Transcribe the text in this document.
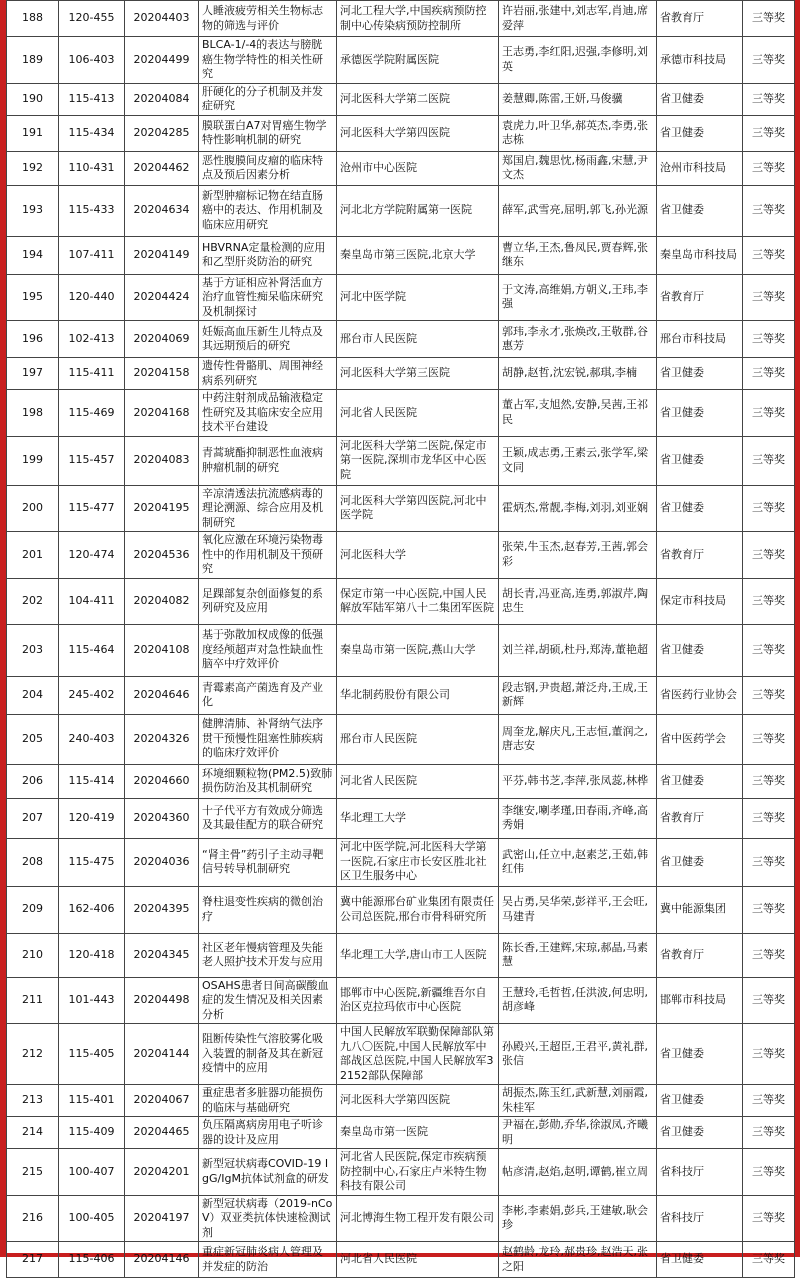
188	120-455	20204403	人睡液疲劳相关生物标志物的筛选与评价	河北工程大学,中国疾病预防控制中心传染病预防控制所	许岩丽,张建中,刘志军,肖迪,席爱萍	省教育厅	三等奖
189	106-403	20204499	BLCA-1/-4的表达与膀胱癌生物学特性的相关性研究	承德医学院附属医院	王志勇,李红阳,迟强,李修明,刘英	承德市科技局	三等奖
190	115-413	20204084	肝硬化的分子机制及并发症研究	河北医科大学第二医院	姜慧卿,陈雷,王妍,马俊骥	省卫健委	三等奖
191	115-434	20204285	膜联蛋白A7对胃癌生物学特性影响机制的研究	河北医科大学第四医院	袁虎力,叶卫华,郝英杰,李勇,张志栋	省卫健委	三等奖
192	110-431	20204462	恶性腹膜间皮瘤的临床特点及预后因素分析	沧州市中心医院	郑国启,魏思忱,杨雨鑫,宋慧,尹文杰	沧州市科技局	三等奖
193	115-433	20204634	新型肿瘤标记物在结直肠癌中的表达、作用机制及临床应用研究	河北北方学院附属第一医院	薛军,武雪亮,屈明,郭飞,孙光源	省卫健委	三等奖
194	107-411	20204149	HBVRNA定量检测的应用和乙型肝炎防治的研究	秦皇岛市第三医院,北京大学	曹立华,王杰,鲁凤民,贾春辉,张继东	秦皇岛市科技局	三等奖
195	120-440	20204424	基于方证相应补肾活血方治疗血管性痴呆临床研究及机制探讨	河北中医学院	于文涛,高维娟,方朝义,王玮,李强	省教育厅	三等奖
196	102-413	20204069	妊娠高血压新生儿特点及其远期预后的研究	邢台市人民医院	郭玮,李永才,张焕改,王敬群,谷惠芳	邢台市科技局	三等奖
197	115-411	20204158	遗传性骨骼肌、周围神经病系列研究	河北医科大学第三医院	胡静,赵哲,沈宏锐,郝琪,李楠	省卫健委	三等奖
198	115-469	20204168	中药注射剂成品输液稳定性研究及其临床安全应用技术平台建设	河北省人民医院	董占军,支旭然,安静,吴茜,王祁民	省卫健委	三等奖
199	115-457	20204083	青蒿琥酯抑制恶性血液病肿瘤机制的研究	河北医科大学第二医院,保定市第一医院,深圳市龙华区中心医院	王颖,成志勇,王素云,张学军,梁文同	省卫健委	三等奖
200	115-477	20204195	辛凉清透法抗流感病毒的理论溯源、综合应用及机制研究	河北医科大学第四医院,河北中医学院	霍炳杰,常靓,李梅,刘羽,刘亚娴	省卫健委	三等奖
201	120-474	20204536	氧化应激在环境污染物毒性中的作用机制及干预研究	河北医科大学	张荣,牛玉杰,赵春芳,王茜,郭会彩	省教育厅	三等奖
202	104-411	20204082	足踝部复杂创面修复的系列研究及应用	保定市第一中心医院,中国人民解放军陆军第八十二集团军医院	胡长青,冯亚高,连勇,郭淑芹,陶忠生	保定市科技局	三等奖
203	115-464	20204108	基于弥散加权成像的低强度经颅超声对急性缺血性脑卒中疗效评价	秦皇岛市第一医院,燕山大学	刘兰祥,胡硕,杜丹,郑涛,董艳超	省卫健委	三等奖
204	245-402	20204646	青霉素高产菌选育及产业化	华北制药股份有限公司	段志钢,尹贵超,萧泛舟,王成,王新辉	省医药行业协会	三等奖
205	240-403	20204326	健脾清肺、补肾纳气法序贯干预慢性阻塞性肺疾病的临床疗效评价	邢台市人民医院	周奎龙,解庆凡,王志恒,董润之,唐志安	省中医药学会	三等奖
206	115-414	20204660	环境细颗粒物(PM2.5)致肺损伤防治及其机制研究	河北省人民医院	平芬,韩书芝,李萍,张凤蕊,林桦	省卫健委	三等奖
207	120-419	20204360	十子代平方有效成分筛选及其最佳配方的联合研究	华北理工大学	李继安,喇孝瑾,田春雨,齐峰,高秀娟	省教育厅	三等奖
208	115-475	20204036	“肾主骨”药引子主动寻靶信号转导机制研究	河北中医学院,河北医科大学第一医院,石家庄市长安区胜北社区卫生服务中心	武密山,任立中,赵素芝,王茹,韩红伟	省卫健委	三等奖
209	162-406	20204395	脊柱退变性疾病的微创治疗	冀中能源邢台矿业集团有限责任公司总医院,邢台市骨科研究所	吴占勇,吴华荣,彭祥平,王会旺,马建青	冀中能源集团	三等奖
210	120-418	20204345	社区老年慢病管理及失能老人照护技术开发与应用	华北理工大学,唐山市工人医院	陈长香,王建辉,宋琼,郝晶,马素慧	省教育厅	三等奖
211	101-443	20204498	OSAHS患者日间高碳酸血症的发生情况及相关因素分析	邯郸市中心医院,新疆维吾尔自治区克拉玛依市中心医院	王慧玲,毛哲哲,任洪波,何忠明,胡彦峰	邯郸市科技局	三等奖
212	115-405	20204144	阻断传染性气溶胶雾化吸入装置的制备及其在新冠疫情中的应用	中国人民解放军联勤保障部队第九八〇医院,中国人民解放军中部战区总医院,中国人民解放军32152部队保障部	孙殿兴,王超臣,王君平,黄礼群,张信	省卫健委	三等奖
213	115-401	20204067	重症患者多脏器功能损伤的临床与基础研究	河北医科大学第四医院	胡振杰,陈玉红,武新慧,刘丽霞,朱桂军	省卫健委	三等奖
214	115-409	20204465	负压隔离病房用电子听诊器的设计及应用	秦皇岛市第一医院	尹福在,彭勋,乔华,徐淑凤,齐曦明	省卫健委	三等奖
215	100-407	20204201	新型冠状病毒COVID-19 IgG/IgM抗体试剂盒的研发	河北省人民医院,保定市疾病预防控制中心,石家庄卢米特生物科技有限公司	帖彦清,赵焰,赵明,谭鹤,崔立周	省科技厅	三等奖
216	100-405	20204197	新型冠状病毒（2019-nCoV）双亚类抗体快速检测试剂	河北博海生物工程开发有限公司	李彬,李素娟,彭兵,王建敏,耿会珍	省科技厅	三等奖
217	115-406	20204146	重症新冠肺炎病人管理及并发症的防治	河北省人民医院	赵鹤龄,龙玲,郝贵珍,赵浩天,张之阳	省卫健委	三等奖
